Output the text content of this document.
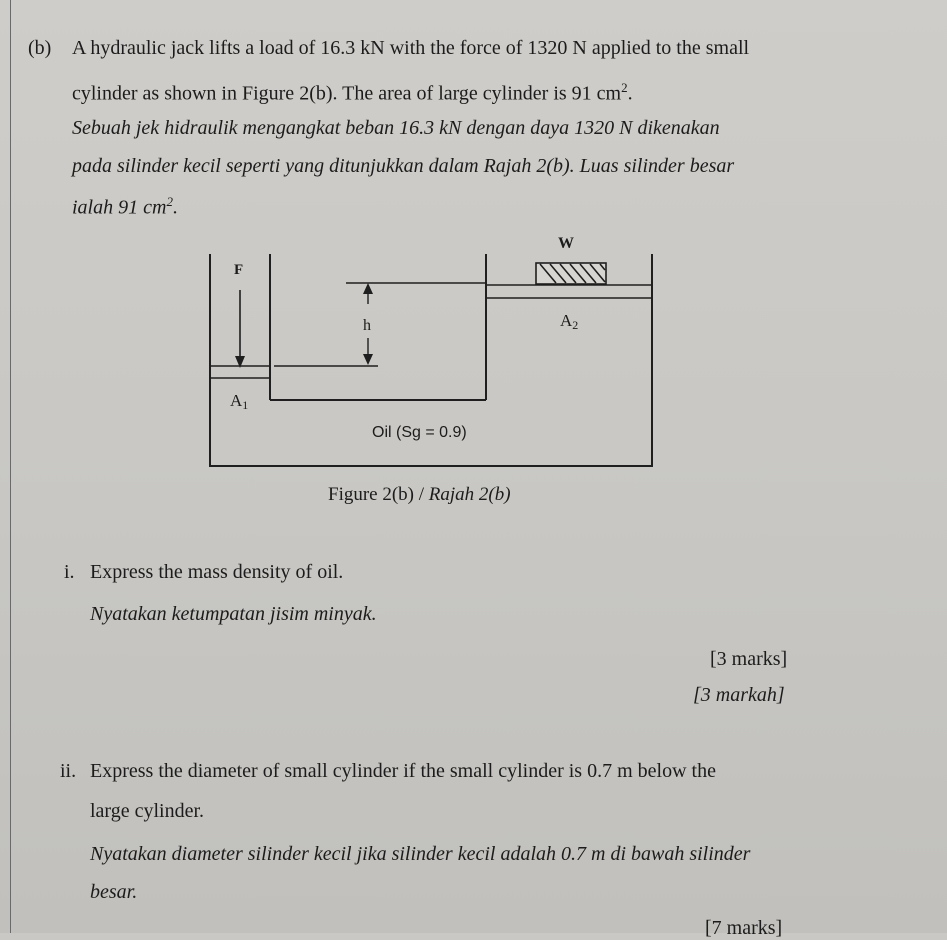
(b) A hydraulic jack lifts a load of 16.3 kN with the force of 1320 N applied to the small
cylinder as shown in Figure 2(b). The area of large cylinder is 91 $cm^2$.
Sebuah jek hidraulik mengangkat beban 16.3 kN dengan daya 1320 N dikenakan
pada silinder kecil seperti yang ditunjukkan dalam Rajah 2(b). Luas silinder besar
ialah 91 $cm^2$.
W
F
h	A2
A1
Oil (Sg = 0.9)
Figure 2(b) / Rajah 2(b)
i. Express the mass density of oil.
Nyatakan ketumpatan jisim minyak.
[3 marks]
[3 markah]
ii. Express the diameter of small cylinder if the small cylinder is 0.7 m below the
large cylinder.
Nyatakan diameter silinder kecil jika silinder kecil adalah 0.7 m di bawah silinder
besar.
[7 marks]
